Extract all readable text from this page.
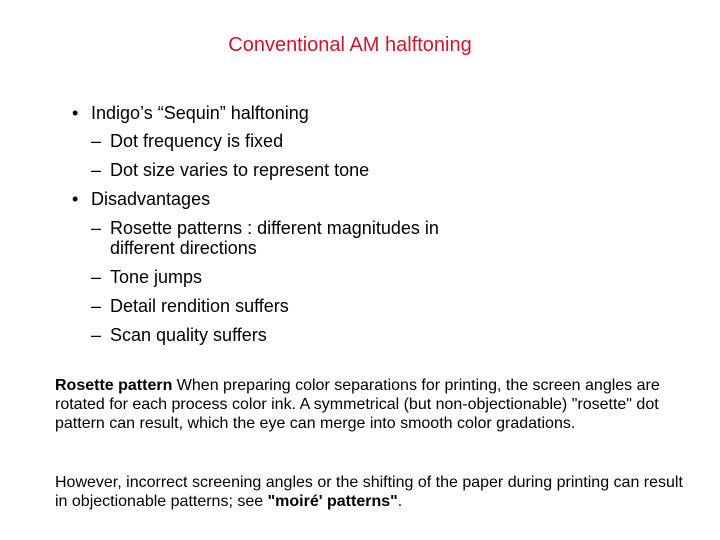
Conventional AM halftoning
• Indigo’s “Sequin” halftoning
– Dot frequency is fixed
– Dot size varies to represent tone
• Disadvantages
– Rosette patterns : different magnitudes in
different directions
– Tone jumps
– Detail rendition suffers
– Scan quality suffers
Rosette pattern When preparing color separations for printing, the screen angles are rotated for each process color ink. A symmetrical (but non-objectionable) "rosette" dot pattern can result, which the eye can merge into smooth color gradations.
However, incorrect screening angles or the shifting of the paper during printing can result in objectionable patterns; see "moiré' patterns".
